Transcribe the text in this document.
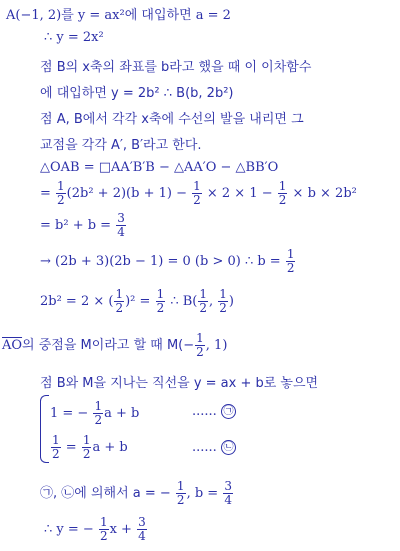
A(−1, 2)를 y = ax²에 대입하면 a = 2
∴ y = 2x²
점 B의 x축의 좌표를 b라고 했을 때 이 이차함수
에 대입하면 y = 2b² ∴ B(b, 2b²)
점 A, B에서 각각 x축에 수선의 발을 내리면 그
교점을 각각 A′, B′라고 한다.
△OAB = □AA′B′B − △AA′O − △BB′O
= $\frac{1}{2} (2b^2 + 2)(b + 1) - \frac{1}{2} \times 2 \times 1 - \frac{1}{2} \times b \times 2b^2$
= $b^2 + b = \frac{3}{4}$
→ (2b + 3)(2b − 1) = 0 (b > 0) ∴ $b = \frac{1}{2}$
2b² = 2 × ( $\frac{1}{2} )^2 = \frac{1}{2}$ ∴ $B( \frac{1}{2}$ , $\frac{1}{2}$ )
$\overline{AO}$의 중점을 M이라고 할 때 $M(- \frac{1}{2}$ , 1)
점 B와 M을 지나는 직선을 y = ax + b로 놓으면
1 = − $\frac{1}{2}$ a + b	...... ㉠
$\frac{1}{2} = \frac{1}{2}$ a + b	...... ㉡
㉠, ㉡에 의해서 a = − $\frac{1}{2}$ , $b = \frac{3}{4}$
∴ y = − $\frac{1}{2}$ $x + \frac{3}{4}$
